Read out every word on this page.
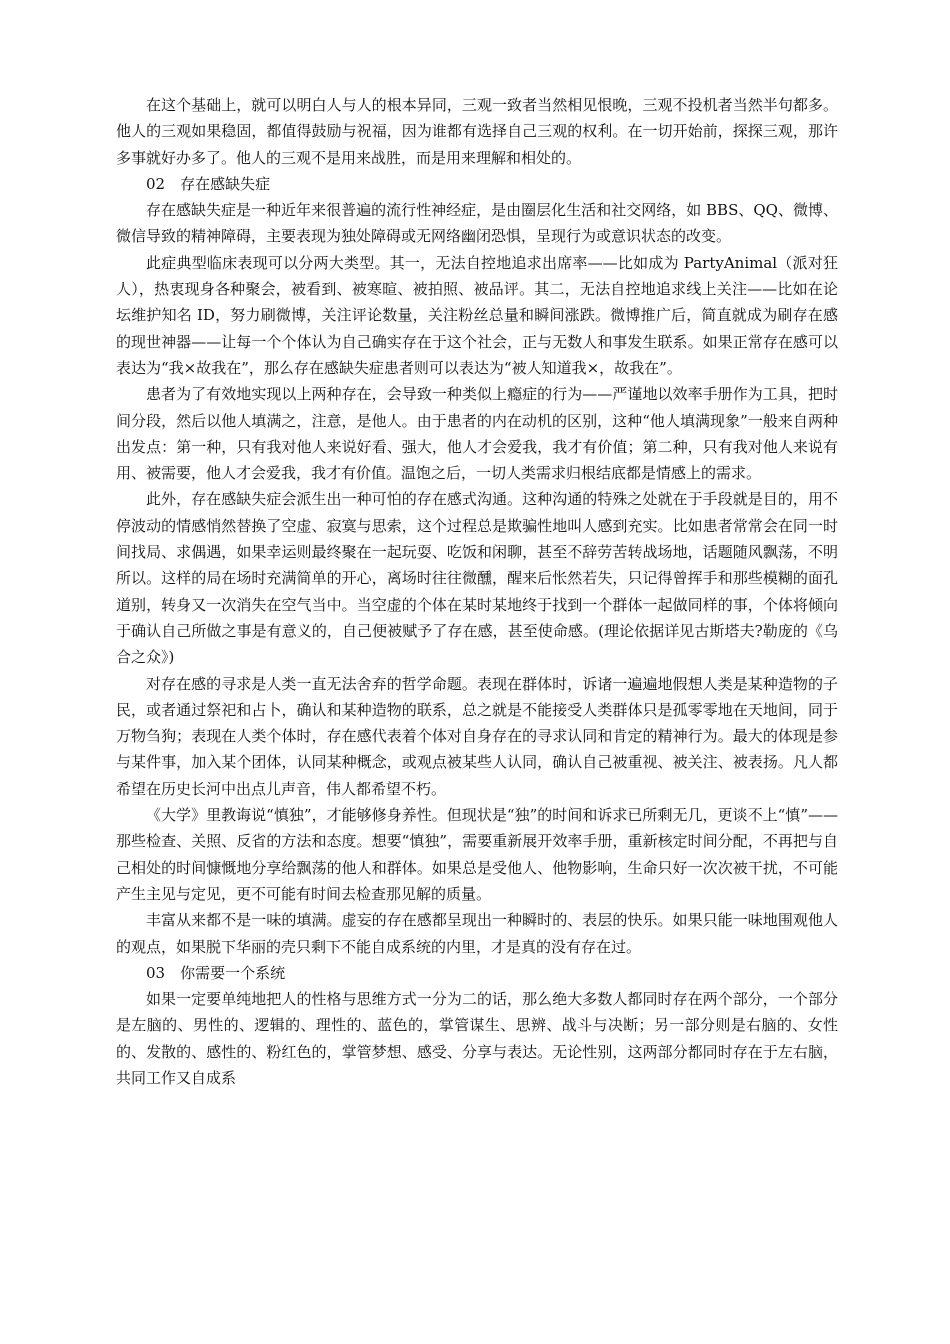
在这个基础上，就可以明白人与人的根本异同，三观一致者当然相见恨晚，三观不投机者当然半句都多。他人的三观如果稳固，都值得鼓励与祝福，因为谁都有选择自己三观的权利。在一切开始前，探探三观，那许多事就好办多了。他人的三观不是用来战胜，而是用来理解和相处的。

02　存在感缺失症

存在感缺失症是一种近年来很普遍的流行性神经症，是由圈层化生活和社交网络，如 BBS、QQ、微博、微信导致的精神障碍，主要表现为独处障碍或无网络幽闭恐惧，呈现行为或意识状态的改变。

此症典型临床表现可以分两大类型。其一，无法自控地追求出席率——比如成为 PartyAnimal（派对狂人），热衷现身各种聚会，被看到、被寒暄、被拍照、被品评。其二，无法自控地追求线上关注——比如在论坛维护知名 ID，努力刷微博，关注评论数量，关注粉丝总量和瞬间涨跌。微博推广后，简直就成为刷存在感的现世神器——让每一个个体认为自己确实存在于这个社会，正与无数人和事发生联系。如果正常存在感可以表达为“我×故我在”，那么存在感缺失症患者则可以表达为“被人知道我×，故我在”。

患者为了有效地实现以上两种存在，会导致一种类似上瘾症的行为——严谨地以效率手册作为工具，把时间分段，然后以他人填满之，注意，是他人。由于患者的内在动机的区别，这种“他人填满现象”一般来自两种出发点：第一种，只有我对他人来说好看、强大，他人才会爱我，我才有价值；第二种，只有我对他人来说有用、被需要，他人才会爱我，我才有价值。温饱之后，一切人类需求归根结底都是情感上的需求。

此外，存在感缺失症会派生出一种可怕的存在感式沟通。这种沟通的特殊之处就在于手段就是目的，用不停波动的情感悄然替换了空虚、寂寞与思索，这个过程总是欺骗性地叫人感到充实。比如患者常常会在同一时间找局、求偶遇，如果幸运则最终聚在一起玩耍、吃饭和闲聊，甚至不辞劳苦转战场地，话题随风飘荡，不明所以。这样的局在场时充满简单的开心，离场时往往微醺，醒来后怅然若失，只记得曾挥手和那些模糊的面孔道别，转身又一次消失在空气当中。当空虚的个体在某时某地终于找到一个群体一起做同样的事，个体将倾向于确认自己所做之事是有意义的，自己便被赋予了存在感，甚至使命感。(理论依据详见古斯塔夫?勒庞的《乌合之众》)

对存在感的寻求是人类一直无法舍弃的哲学命题。表现在群体时，诉诸一遍遍地假想人类是某种造物的子民，或者通过祭祀和占卜，确认和某种造物的联系，总之就是不能接受人类群体只是孤零零地在天地间，同于万物刍狗；表现在人类个体时，存在感代表着个体对自身存在的寻求认同和肯定的精神行为。最大的体现是参与某件事，加入某个团体，认同某种概念，或观点被某些人认同，确认自己被重视、被关注、被表扬。凡人都希望在历史长河中出点儿声音，伟人都希望不朽。

《大学》里教诲说“慎独”，才能够修身养性。但现状是“独”的时间和诉求已所剩无几，更谈不上“慎”——那些检查、关照、反省的方法和态度。想要“慎独”，需要重新展开效率手册，重新核定时间分配，不再把与自己相处的时间慷慨地分享给飘荡的他人和群体。如果总是受他人、他物影响，生命只好一次次被干扰，不可能产生主见与定见，更不可能有时间去检查那见解的质量。

丰富从来都不是一味的填满。虚妄的存在感都呈现出一种瞬时的、表层的快乐。如果只能一味地围观他人的观点，如果脱下华丽的壳只剩下不能自成系统的内里，才是真的没有存在过。

03　你需要一个系统

如果一定要单纯地把人的性格与思维方式一分为二的话，那么绝大多数人都同时存在两个部分，一个部分是左脑的、男性的、逻辑的、理性的、蓝色的，掌管谋生、思辨、战斗与决断；另一部分则是右脑的、女性的、发散的、感性的、粉红色的，掌管梦想、感受、分享与表达。无论性别，这两部分都同时存在于左右脑，共同工作又自成系
